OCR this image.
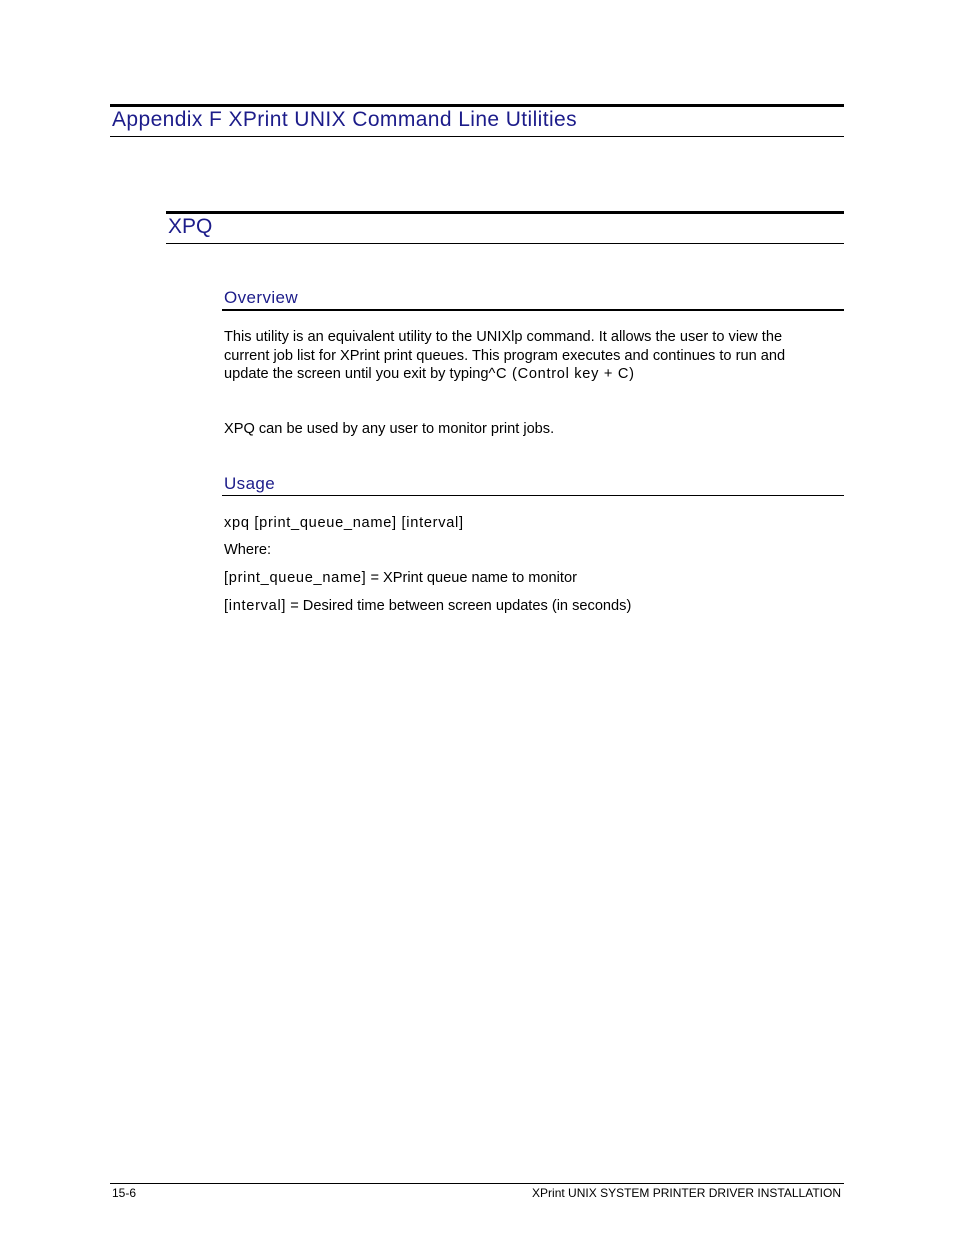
Appendix F XPrint UNIX Command Line Utilities
XPQ
Overview
This utility is an equivalent utility to the UNIXlp command. It allows the user to view the
current job list for XPrint print queues. This program executes and continues to run and
update the screen until you exit by typing^C (Control key + C)
XPQ can be used by any user to monitor print jobs.
Usage
xpq [print_queue_name] [interval]
Where:
[print_queue_name] = XPrint queue name to monitor
[interval] = Desired time between screen updates (in seconds)
15-6	XPrint UNIX SYSTEM PRINTER DRIVER INSTALLATION
